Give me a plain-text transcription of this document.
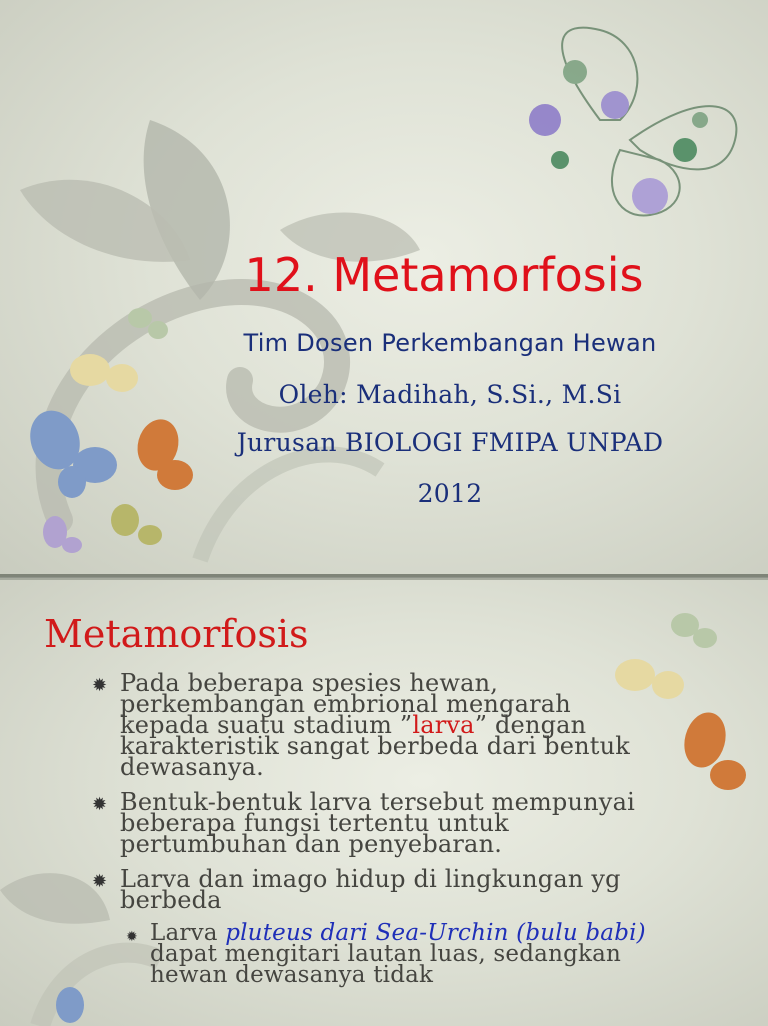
12. Metamorfosis
Tim Dosen Perkembangan Hewan
Oleh: Madihah, S.Si., M.Si
Jurusan BIOLOGI FMIPA UNPAD
2012
Metamorfosis
✹ Pada beberapa spesies hewan, perkembangan embrional mengarah kepada suatu stadium ”larva” dengan karakteristik sangat berbeda dari bentuk dewasanya.
✹ Bentuk-bentuk larva tersebut mempunyai beberapa fungsi tertentu untuk pertumbuhan dan penyebaran.
✹ Larva dan imago hidup di lingkungan yg berbeda
✹ Larva pluteus dari Sea-Urchin (bulu babi) dapat mengitari lautan luas, sedangkan hewan dewasanya tidak
